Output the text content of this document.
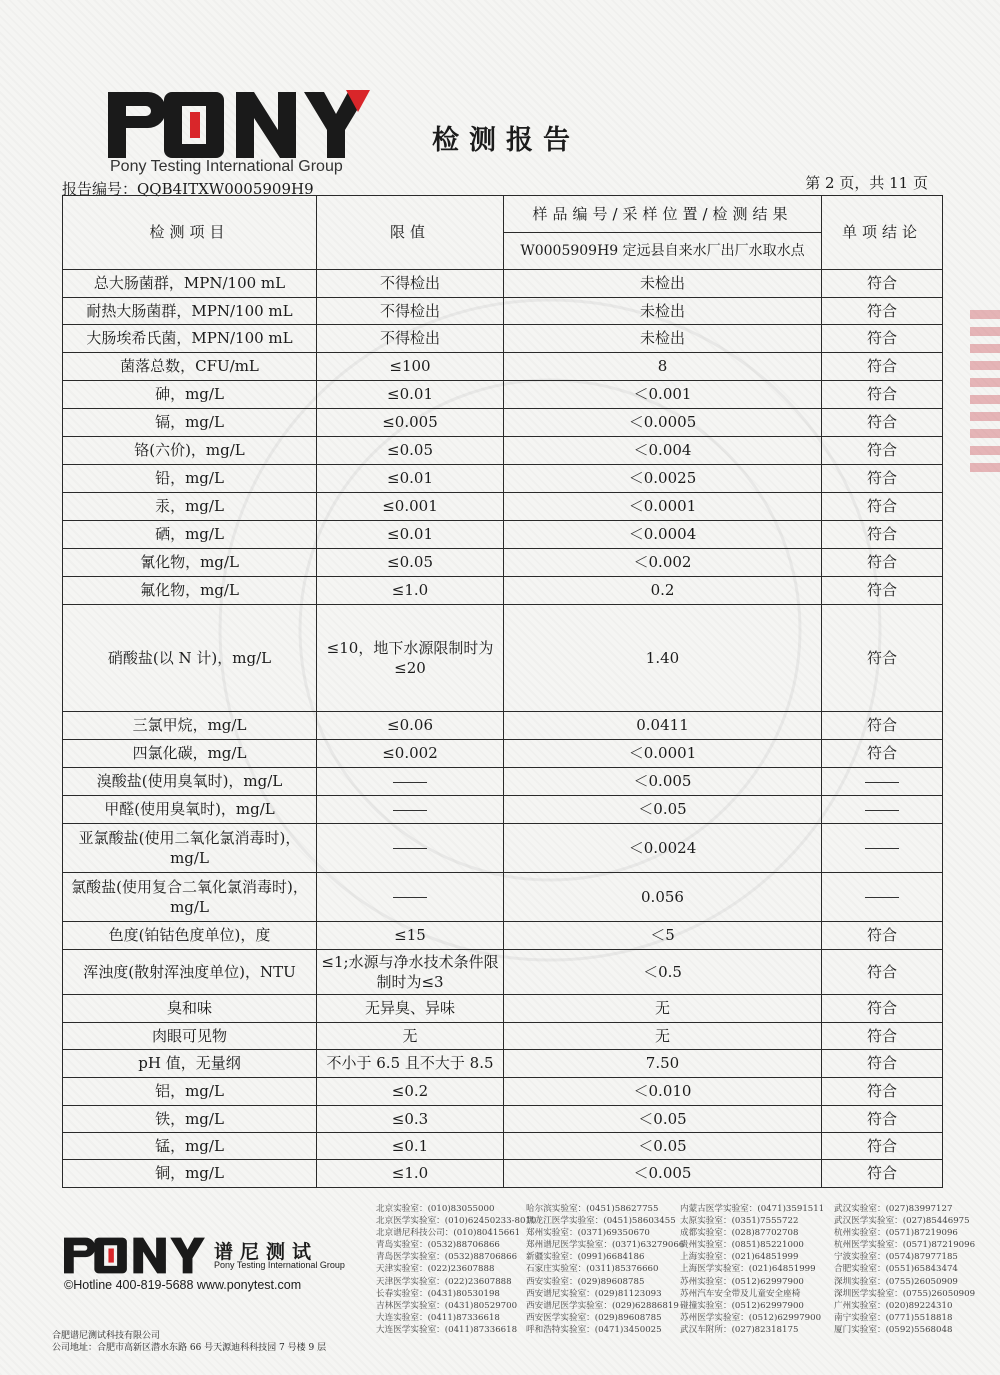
Pony Testing International Group
检测报告
报告编号：QQB4ITXW0005909H9	第 2 页，共 11 页
检测项目	限值	样品编号/采样位置/检测结果	单项结论
		W0005909H9 定远县自来水厂出厂水取水点	
总大肠菌群，MPN/100 mL	不得检出	未检出	符合
耐热大肠菌群，MPN/100 mL	不得检出	未检出	符合
大肠埃希氏菌，MPN/100 mL	不得检出	未检出	符合
菌落总数，CFU/mL	≤100	8	符合
砷，mg/L	≤0.01	＜0.001	符合
镉，mg/L	≤0.005	＜0.0005	符合
铬(六价)，mg/L	≤0.05	＜0.004	符合
铅，mg/L	≤0.01	＜0.0025	符合
汞，mg/L	≤0.001	＜0.0001	符合
硒，mg/L	≤0.01	＜0.0004	符合
氰化物，mg/L	≤0.05	＜0.002	符合
氟化物，mg/L	≤1.0	0.2	符合
硝酸盐(以 N 计)，mg/L	≤10，地下水源限制时为≤20	1.40	符合
三氯甲烷，mg/L	≤0.06	0.0411	符合
四氯化碳，mg/L	≤0.002	＜0.0001	符合
溴酸盐(使用臭氧时)，mg/L		＜0.005	
甲醛(使用臭氧时)，mg/L		＜0.05	
亚氯酸盐(使用二氧化氯消毒时)，mg/L		＜0.0024	
氯酸盐(使用复合二氧化氯消毒时)，mg/L		0.056	
色度(铂钴色度单位)，度	≤15	＜5	符合
浑浊度(散射浑浊度单位)，NTU	≤1;水源与净水技术条件限制时为≤3	＜0.5	符合
臭和味	无异臭、异味	无	符合
肉眼可见物	无	无	符合
pH 值，无量纲	不小于 6.5 且不大于 8.5	7.50	符合
铝，mg/L	≤0.2	＜0.010	符合
铁，mg/L	≤0.3	＜0.05	符合
锰，mg/L	≤0.1	＜0.05	符合
铜，mg/L	≤1.0	＜0.005	符合
谱尼测试
Pony Testing International Group
©Hotline 400-819-5688 www.ponytest.com
合肥谱尼测试科技有限公司
公司地址：合肥市高新区潜水东路 66 号天源迪科科技园 7 号楼 9 层
北京实验室：(010)83055000
北京医学实验室：(010)62450233-8010
北京谱尼科技公司：(010)80415661
青岛实验室：(0532)88706866
青岛医学实验室：(0532)88706866
天津实验室：(022)23607888
天津医学实验室：(022)23607888
长春实验室：(0431)80530198
吉林医学实验室：(0431)80529700
大连实验室：(0411)87336618
大连医学实验室：(0411)87336618
哈尔滨实验室：(0451)58627755
黑龙江医学实验室：(0451)58603455
郑州实验室：(0371)69350670
郑州谱尼医学实验室：(0371)63279066
新疆实验室：(0991)6684186
石家庄实验室：(0311)85376660
西安实验室：(029)89608785
西安谱尼实验室：(029)81123093
西安谱尼医学实验室：(029)62886819
西安医学实验室：(029)89608785
呼和浩特实验室：(0471)3450025
内蒙古医学实验室：(0471)3591511
太原实验室：(0351)7555722
成都实验室：(028)87702708
贵州实验室：(0851)85221000
上海实验室：(021)64851999
上海医学实验室：(021)64851999
苏州实验室：(0512)62997900
苏州汽车安全带及儿童安全座椅
碰撞实验室：(0512)62997900
苏州医学实验室：(0512)62997900
武汉车附所：(027)82318175
武汉实验室：(027)83997127
武汉医学实验室：(027)85446975
杭州实验室：(0571)87219096
杭州医学实验室：(0571)87219096
宁波实验室：(0574)87977185
合肥实验室：(0551)65843474
深圳实验室：(0755)26050909
深圳医学实验室：(0755)26050909
广州实验室：(020)89224310
南宁实验室：(0771)5518818
厦门实验室：(0592)5568048
